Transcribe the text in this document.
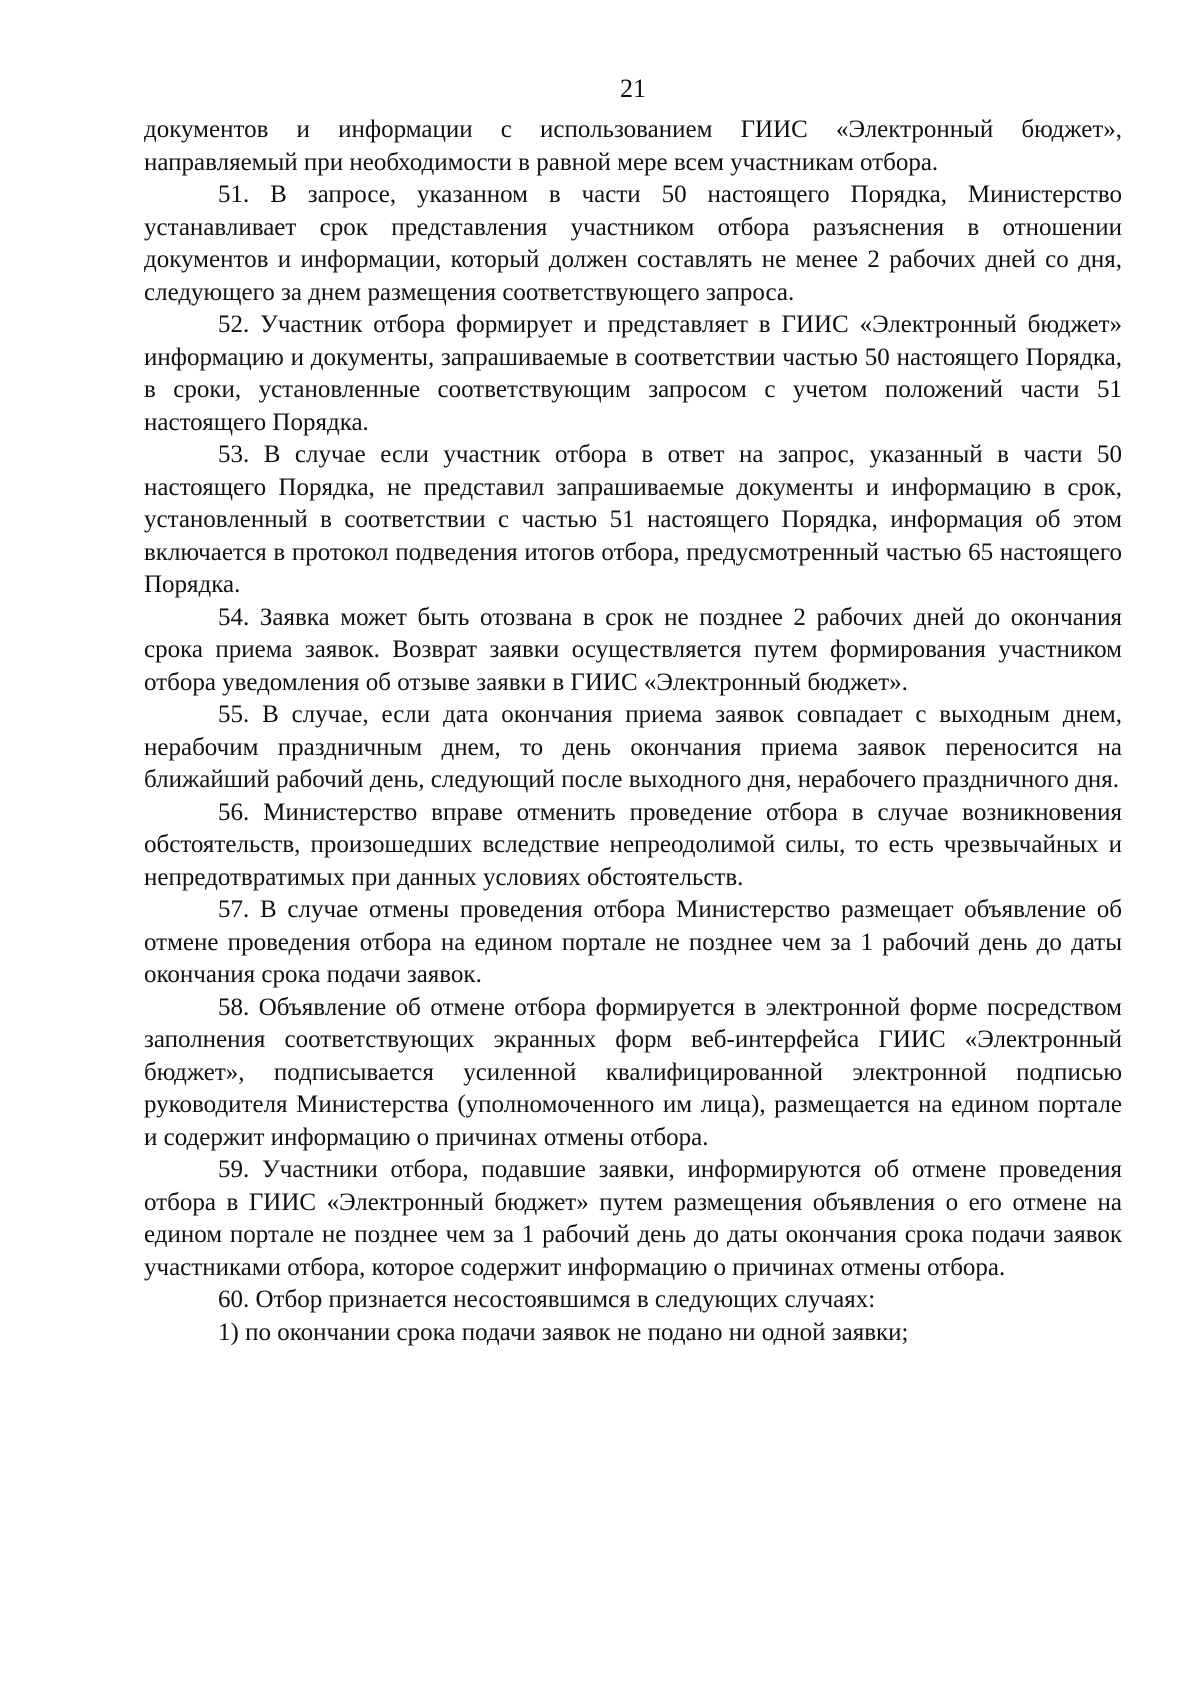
21

документов и информации с использованием ГИИС «Электронный бюджет», направляемый при необходимости в равной мере всем участникам отбора.

51. В запросе, указанном в части 50 настоящего Порядка, Министерство устанавливает срок представления участником отбора разъяснения в отношении документов и информации, который должен составлять не менее 2 рабочих дней со дня, следующего за днем размещения соответствующего запроса.

52. Участник отбора формирует и представляет в ГИИС «Электронный бюджет» информацию и документы, запрашиваемые в соответствии частью 50 настоящего Порядка, в сроки, установленные соответствующим запросом с учетом положений части 51 настоящего Порядка.

53. В случае если участник отбора в ответ на запрос, указанный в части 50 настоящего Порядка, не представил запрашиваемые документы и информацию в срок, установленный в соответствии с частью 51 настоящего Порядка, информация об этом включается в протокол подведения итогов отбора, предусмотренный частью 65 настоящего Порядка.

54. Заявка может быть отозвана в срок не позднее 2 рабочих дней до окончания срока приема заявок. Возврат заявки осуществляется путем формирования участником отбора уведомления об отзыве заявки в ГИИС «Электронный бюджет».

55. В случае, если дата окончания приема заявок совпадает с выходным днем, нерабочим праздничным днем, то день окончания приема заявок переносится на ближайший рабочий день, следующий после выходного дня, нерабочего праздничного дня.

56. Министерство вправе отменить проведение отбора в случае возникновения обстоятельств, произошедших вследствие непреодолимой силы, то есть чрезвычайных и непредотвратимых при данных условиях обстоятельств.

57. В случае отмены проведения отбора Министерство размещает объявление об отмене проведения отбора на едином портале не позднее чем за 1 рабочий день до даты окончания срока подачи заявок.

58. Объявление об отмене отбора формируется в электронной форме посредством заполнения соответствующих экранных форм веб-интерфейса ГИИС «Электронный бюджет», подписывается усиленной квалифицированной электронной подписью руководителя Министерства (уполномоченного им лица), размещается на едином портале и содержит информацию о причинах отмены отбора.

59. Участники отбора, подавшие заявки, информируются об отмене проведения отбора в ГИИС «Электронный бюджет» путем размещения объявления о его отмене на едином портале не позднее чем за 1 рабочий день до даты окончания срока подачи заявок участниками отбора, которое содержит информацию о причинах отмены отбора.

60. Отбор признается несостоявшимся в следующих случаях:

1) по окончании срока подачи заявок не подано ни одной заявки;
